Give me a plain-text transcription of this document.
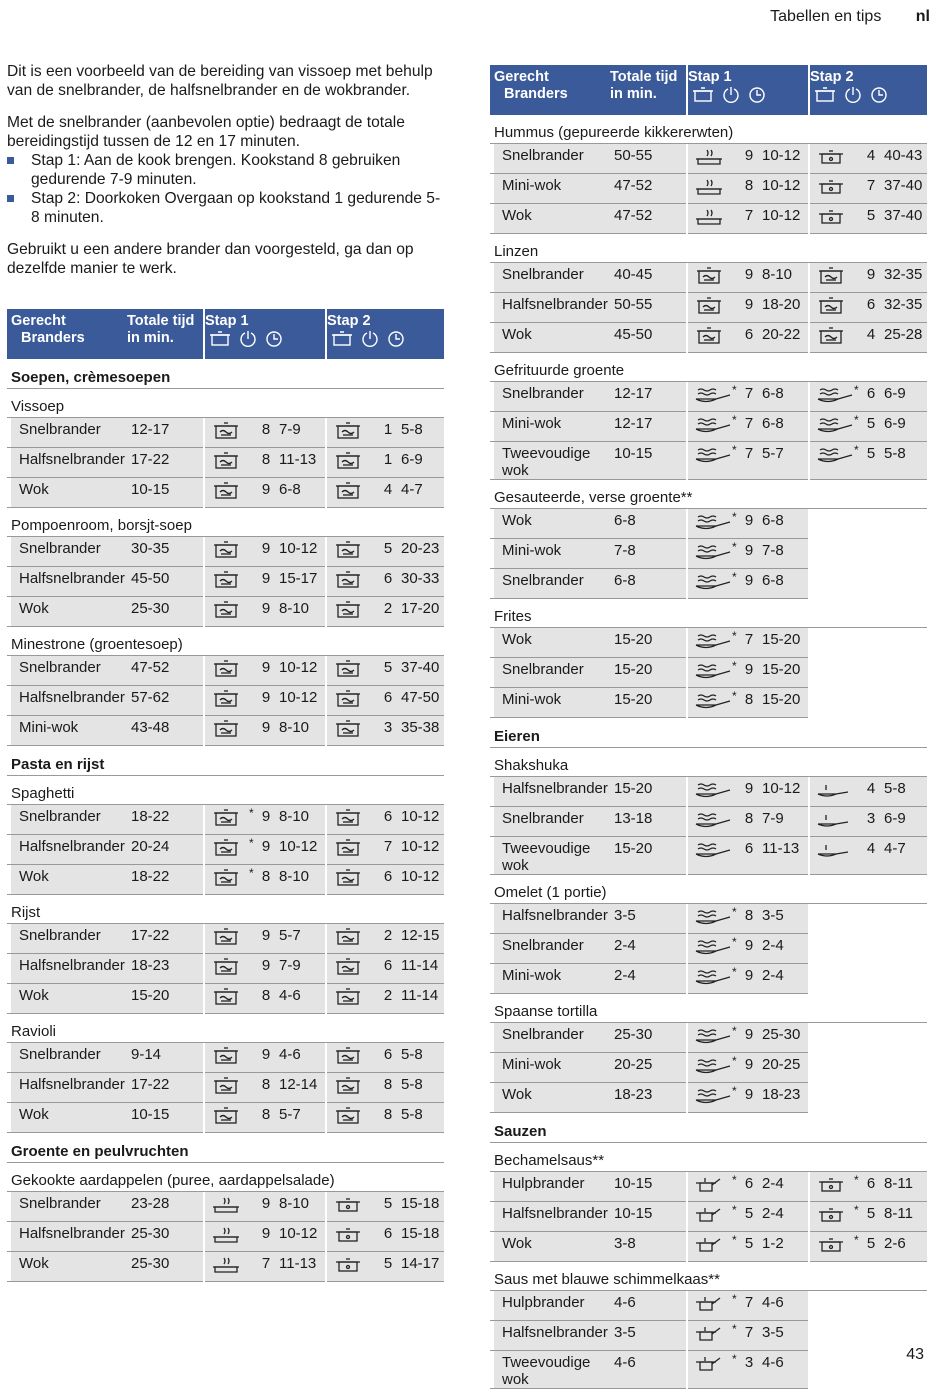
Tabellen en tips nl

Dit is een voorbeeld van de bereiding van vissoep met behulp van de snelbrander, de halfsnelbrander en de wokbrander.

Met de snelbrander (aanbevolen optie) bedraagt de totale bereidingstijd tussen de 12 en 17 minuten.

Stap 1: Aan de kook brengen. Kookstand 8 gebruiken gedurende 7-9 minuten.
Stap 2: Doorkoken Overgaan op kookstand 1 gedurende 5-8 minuten.

Gebruikt u een andere brander dan voorgesteld, ga dan op dezelfde manier te werk.

Gerecht		Totale tijd in min.		Stap 1		Stap 2
	Branders		

Soepen, crèmesoepen						
Vissoep						
	Snelbrander	12-17		8 7-9		1 5-8

	Halfsnelbrander	17-22		8 11-13		1 6-9

	Wok	10-15		9 6-8		4 4-7

Pompoenroom, borsjt-soep						
	Snelbrander	30-35		9 10-12		5 20-23

	Halfsnelbrander	45-50		9 15-17		6 30-33

	Wok	25-30		9 8-10		2 17-20

Minestrone (groentesoep)						
	Snelbrander	47-52		9 10-12		5 37-40

	Halfsnelbrander	57-62		9 10-12		6 47-50

	Mini-wok	43-48		9 8-10		3 35-38

Pasta en rijst						
Spaghetti						
	Snelbrander	18-22		* 9 8-10		6 10-12

	Halfsnelbrander	20-24		* 9 10-12		7 10-12

	Wok	18-22		* 8 8-10		6 10-12

Rijst						
	Snelbrander	17-22		9 5-7		2 12-15

	Halfsnelbrander	18-23		9 7-9		6 11-14

	Wok	15-20		8 4-6		2 11-14

Ravioli						
	Snelbrander	9-14		9 4-6		6 5-8

	Halfsnelbrander	17-22		8 12-14		8 5-8

	Wok	10-15		8 5-7		8 5-8

Groente en peulvruchten						
Gekookte aardappelen (puree, aardappelsalade)						
	Snelbrander	23-28		9 8-10		5 15-18

	Halfsnelbrander	25-30		9 10-12		6 15-18

	Wok	25-30		7 11-13		5 14-17
Gerecht		Totale tijd in min.		Stap 1		Stap 2
	Branders		

Hummus (gepureerde kikkererwten)						
	Snelbrander	50-55		9 10-12		4 40-43

	Mini-wok	47-52		8 10-12		7 37-40

	Wok	47-52		7 10-12		5 37-40

Linzen						
	Snelbrander	40-45		9 8-10		9 32-35

	Halfsnelbrander	50-55		9 18-20		6 32-35

	Wok	45-50		6 20-22		4 25-28

Gefrituurde groente						
	Snelbrander	12-17		* 7 6-8		* 6 6-9

	Mini-wok	12-17		* 7 6-8		* 5 6-9

	Tweevoudige wok	10-15		* 7 5-7		* 5 5-8

Gesauteerde, verse groente**						
	Wok	6-8		* 9 6-8		

	Mini-wok	7-8		* 9 7-8		

	Snelbrander	6-8		* 9 6-8		

Frites						
	Wok	15-20		* 7 15-20		

	Snelbrander	15-20		* 9 15-20		

	Mini-wok	15-20		* 8 15-20		

Eieren						
Shakshuka						
	Halfsnelbrander	15-20		9 10-12		4 5-8

	Snelbrander	13-18		8 7-9		3 6-9

	Tweevoudige wok	15-20		6 11-13		4 4-7

Omelet (1 portie)						
	Halfsnelbrander	3-5		* 8 3-5		

	Snelbrander	2-4		* 9 2-4		

	Mini-wok	2-4		* 9 2-4		

Spaanse tortilla						
	Snelbrander	25-30		* 9 25-30		

	Mini-wok	20-25		* 9 20-25		

	Wok	18-23		* 9 18-23		

Sauzen						
Bechamelsaus**						
	Hulpbrander	10-15		* 6 2-4		* 6 8-11

	Halfsnelbrander	10-15		* 5 2-4		* 5 8-11

	Wok	3-8		* 5 1-2		* 5 2-6

Saus met blauwe schimmelkaas**						
	Hulpbrander	4-6		* 7 4-6		

	Halfsnelbrander	3-5		* 7 3-5		

	Tweevoudige wok	4-6		* 3 4-6		
			43
